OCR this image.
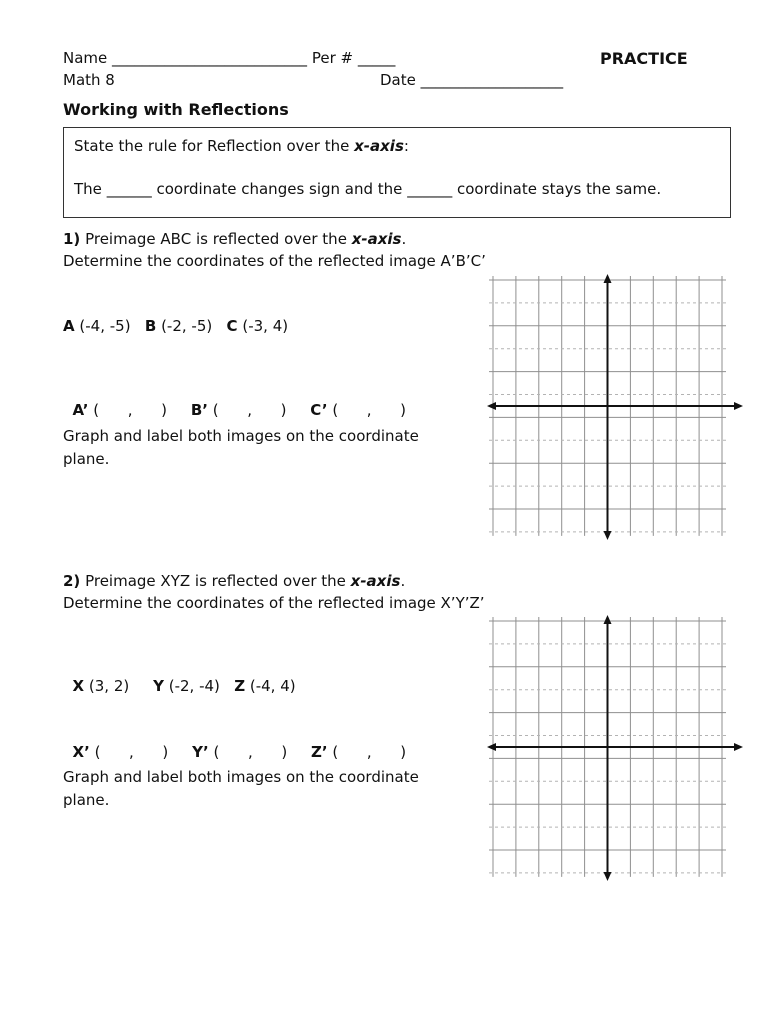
Name __________________________ Per # _____	PRACTICE
Math 8	Date ___________________
Working with Reflections
State the rule for Reflection over the x-axis:
The ______ coordinate changes sign and the ______ coordinate stays the same.
1) Preimage ABC is reflected over the x-axis.
Determine the coordinates of the reflected image A’B’C’
A (-4, -5) B (-2, -5) C (-3, 4)

A’ (      ,      ) B’ (      ,      ) C’ (      ,      )

Graph and label both images on the coordinate
plane.
2) Preimage XYZ is reflected over the x-axis.
Determine the coordinates of the reflected image X’Y’Z’

X (3, 2) Y (-2, -4) Z (-4, 4)

X’ (      ,      ) Y’ (      ,      ) Z’ (      ,      )

Graph and label both images on the coordinate
plane.
